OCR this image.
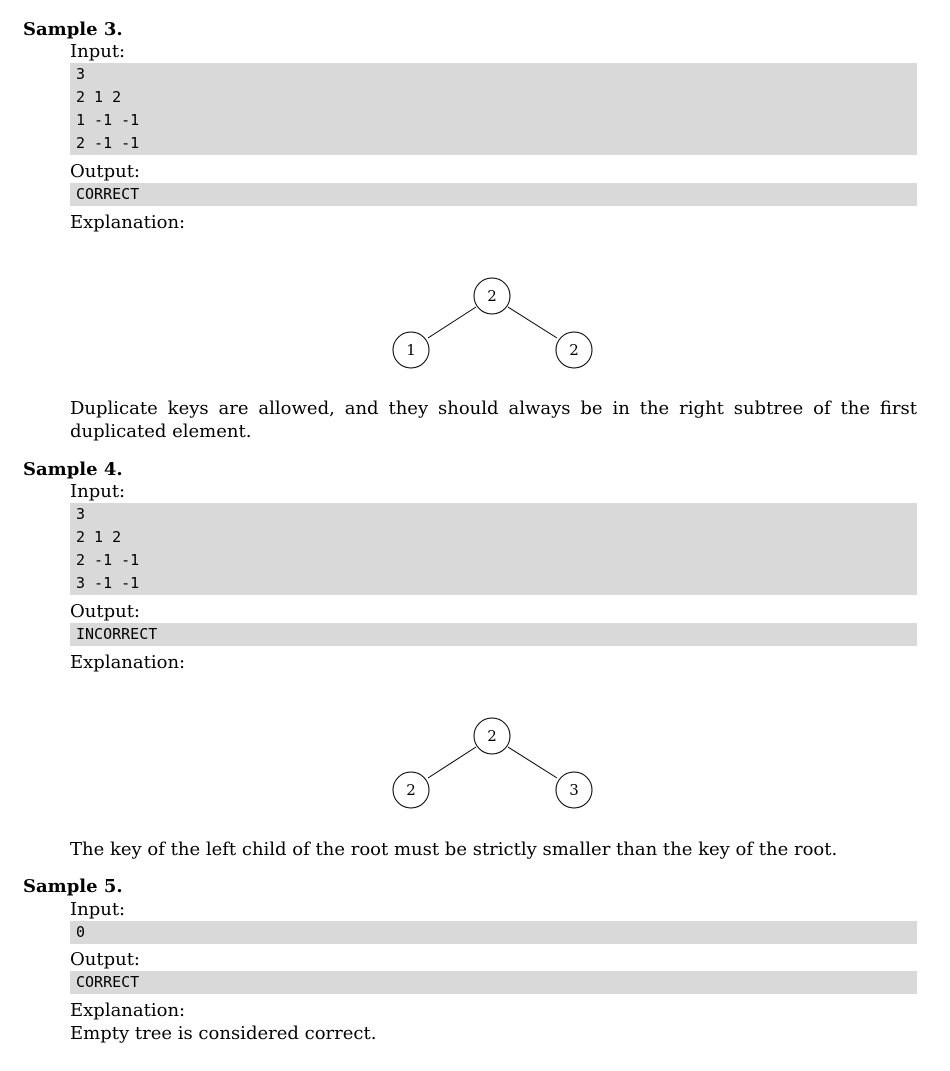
Sample 3.
Input:
3
2 1 2
1 -1 -1
2 -1 -1
Output:
CORRECT
Explanation:
2
1	2
Duplicate keys are allowed, and they should always be in the right subtree of the first duplicated element.
Sample 4.
Input:
3
2 1 2
2 -1 -1
3 -1 -1
Output:
INCORRECT
Explanation:
2
2	3
The key of the left child of the root must be strictly smaller than the key of the root.
Sample 5.
Input:
0
Output:
CORRECT
Explanation:
Empty tree is considered correct.
